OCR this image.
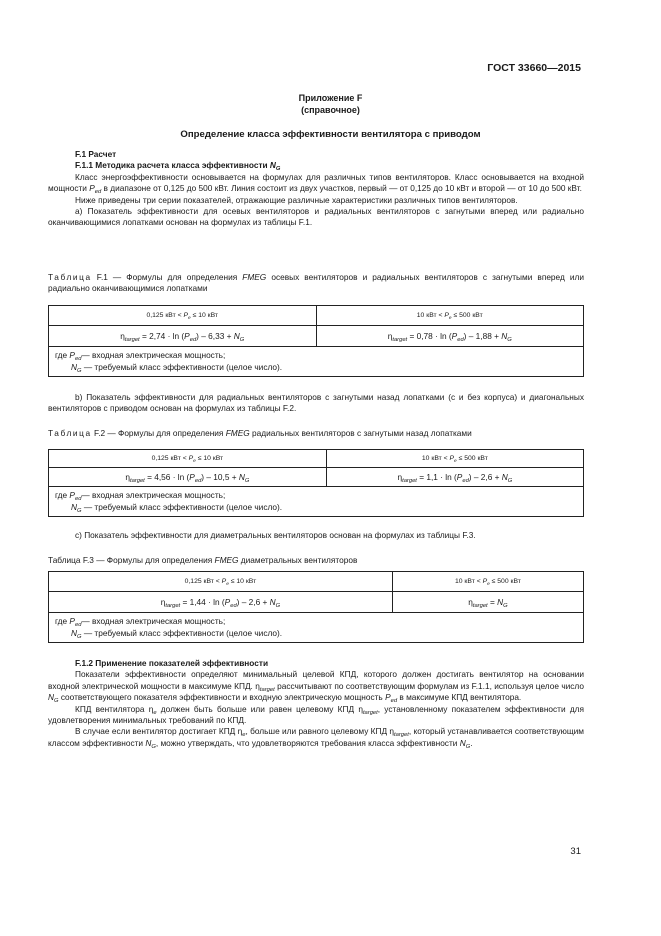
ГОСТ 33660—2015
Приложение F
(справочное)
Определение класса эффективности вентилятора с приводом

F.1 Расчет

F.1.1 Методика расчета класса эффективности $N_G$

Класс энергоэффективности основывается на формулах для различных типов вентиляторов. Класс основывается на входной мощности $P_{ed}$ в диапазоне от 0,125 до 500 кВт. Линия состоит из двух участков, первый — от 0,125 до 10 кВт и второй — от 10 до 500 кВт.

Ниже приведены три серии показателей, отражающие различные характеристики различных типов вентиляторов.

а) Показатель эффективности для осевых вентиляторов и радиальных вентиляторов с загнутыми вперед или радиально оканчивающимися лопатками основан на формулах из таблицы F.1.

Таблица F.1 — Формулы для определения FMEG осевых вентиляторов и радиальных вентиляторов с загнутыми вперед или радиально оканчивающимися лопатками

0,125 кВт < $P_e \le 10$ кВт	10 кВт < $P_e \le 500$ кВт
$\eta_{target} = 2,74 \cdot \ln (P_{ed}) - 6,33 + N_G$	$\eta_{target} = 0,78 \cdot \ln (P_{ed}) - 1,88 + N_G$

где $P_{ed}—$ входная электрическая мощность;
$N_G$ — требуемый класс эффективности (целое число).	

b) Показатель эффективности для радиальных вентиляторов с загнутыми назад лопатками (с и без корпуса) и диагональных вентиляторов с приводом основан на формулах из таблицы F.2.

Таблица F.2 — Формулы для определения FMEG радиальных вентиляторов с загнутыми назад лопатками

0,125 кВт < $P_e \le 10$ кВт	10 кВт < $P_e \le 500$ кВт
$\eta_{target} = 4,56 \cdot \ln (P_{ed}) - 10,5 + N_G$	$\eta_{target} = 1,1 \cdot \ln (P_{ed}) - 2,6 + N_G$

где $P_{ed}—$ входная электрическая мощность;
$N_G$ — требуемый класс эффективности (целое число).	

с) Показатель эффективности для диаметральных вентиляторов основан на формулах из таблицы F.3.

Таблица F.3 — Формулы для определения FMEG диаметральных вентиляторов

0,125 кВт < $P_e \le 10$ кВт	10 кВт < $P_e \le 500$ кВт
$\eta_{target} = 1,44 \cdot \ln (P_{ed}) - 2,6 + N_G$	$\eta_{target} = N_G$

где $P_{ed}—$ входная электрическая мощность;
$N_G$ — требуемый класс эффективности (целое число).	

F.1.2 Применение показателей эффективности

Показатели эффективности определяют минимальный целевой КПД, которого должен достигать вентилятор на основании входной электрической мощности в максимуме КПД. $\eta_{target}$ рассчитывают по соответствующим формулам из F.1.1, используя целое число $N_G$ соответствующего показателя эффективности и входную электрическую мощность $P_{ed}$ в максимуме КПД вентилятора.

КПД вентилятора $\eta_e$ должен быть больше или равен целевому КПД $\eta_{target}$, установленному показателем эффективности для удовлетворения минимальных требований по КПД.

В случае если вентилятор достигает КПД $\eta_e$, больше или равного целевому КПД $\eta_{target}$, который устанавливается соответствующим классом эффективности $N_G$, можно утверждать, что удовлетворяются требования класса эффективности $N_G$.

31
